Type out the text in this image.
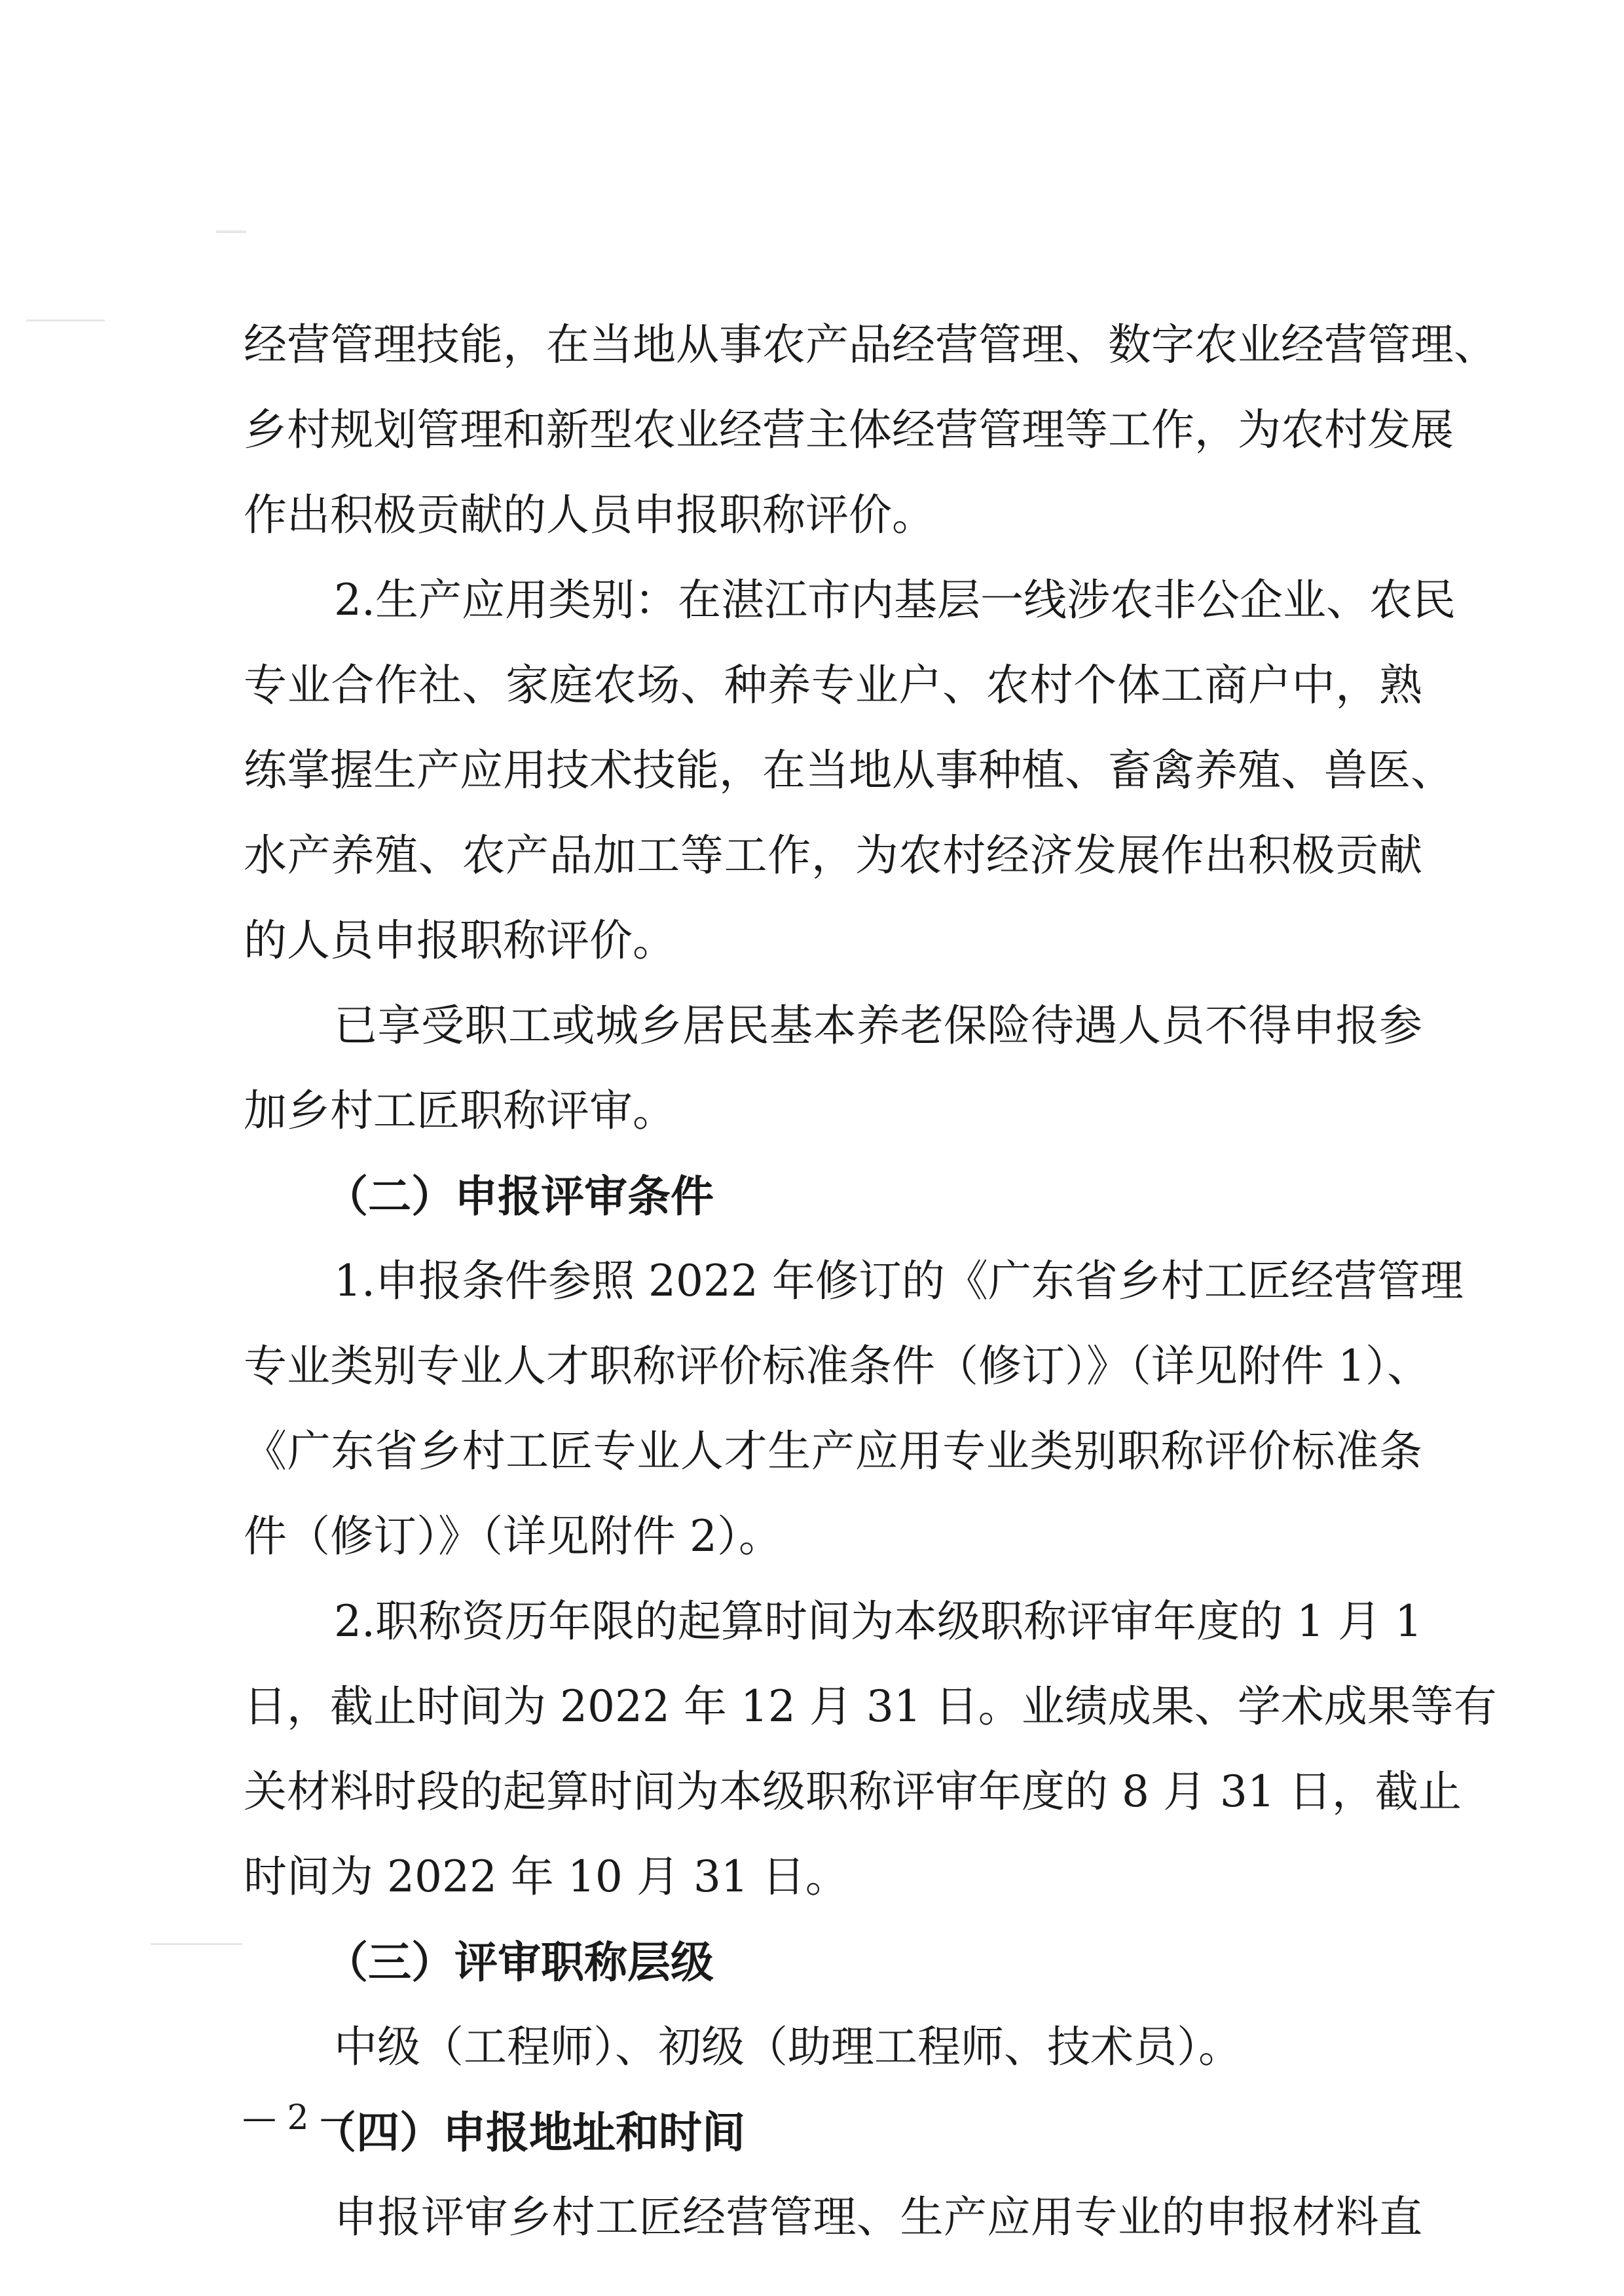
经营管理技能，在当地从事农产品经营管理、数字农业经营管理、
乡村规划管理和新型农业经营主体经营管理等工作，为农村发展
作出积极贡献的人员申报职称评价。
2.生产应用类别：在湛江市内基层一线涉农非公企业、农民
专业合作社、家庭农场、种养专业户、农村个体工商户中，熟
练掌握生产应用技术技能，在当地从事种植、畜禽养殖、兽医、
水产养殖、农产品加工等工作，为农村经济发展作出积极贡献
的人员申报职称评价。
已享受职工或城乡居民基本养老保险待遇人员不得申报参
加乡村工匠职称评审。
（二）申报评审条件
1.申报条件参照 2022 年修订的《广东省乡村工匠经营管理
专业类别专业人才职称评价标准条件（修订）》（详见附件 1）、
《广东省乡村工匠专业人才生产应用专业类别职称评价标准条
件（修订）》（详见附件 2）。
2.职称资历年限的起算时间为本级职称评审年度的 1 月 1
日，截止时间为 2022 年 12 月 31 日。业绩成果、学术成果等有
关材料时段的起算时间为本级职称评审年度的 8 月 31 日，截止
时间为 2022 年 10 月 31 日。
（三）评审职称层级
中级（工程师）、初级（助理工程师、技术员）。
（四）申报地址和时间
申报评审乡村工匠经营管理、生产应用专业的申报材料直
— 2 —
